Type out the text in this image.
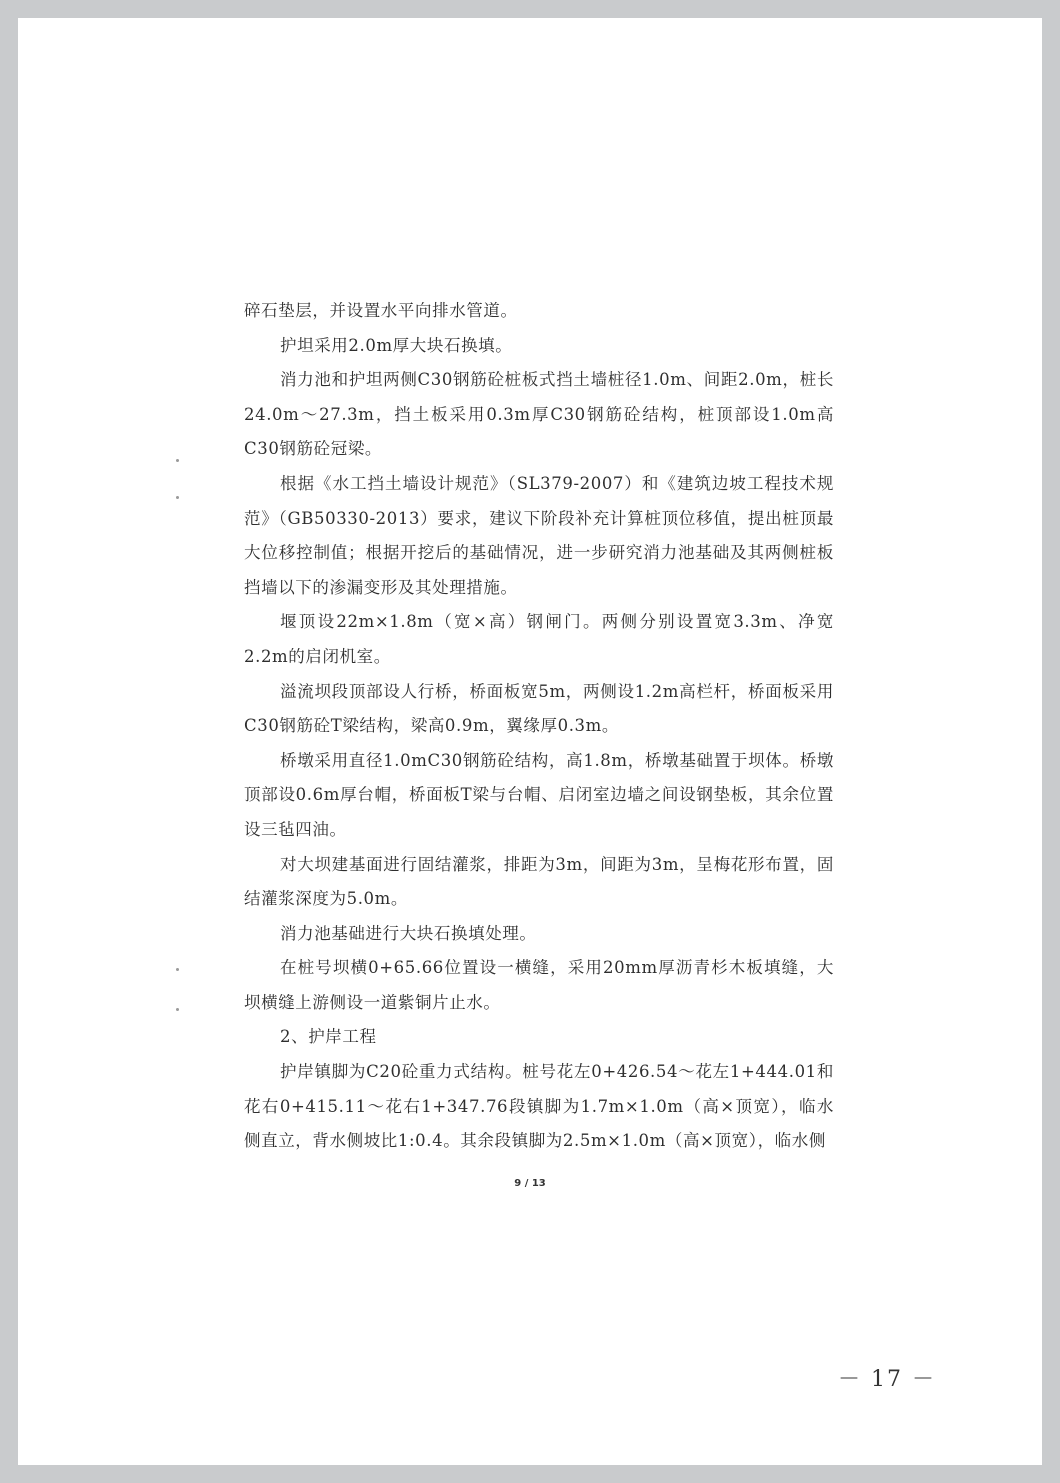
碎石垫层，并设置水平向排水管道。

护坦采用2.0m厚大块石换填。

消力池和护坦两侧C30钢筋砼桩板式挡土墙桩径1.0m、间距2.0m，桩长24.0m～27.3m，挡土板采用0.3m厚C30钢筋砼结构，桩顶部设1.0m高C30钢筋砼冠梁。

根据《水工挡土墙设计规范》（SL379-2007）和《建筑边坡工程技术规范》（GB50330-2013）要求，建议下阶段补充计算桩顶位移值，提出桩顶最大位移控制值；根据开挖后的基础情况，进一步研究消力池基础及其两侧桩板挡墙以下的渗漏变形及其处理措施。

堰顶设22m×1.8m（宽×高）钢闸门。两侧分别设置宽3.3m、净宽2.2m的启闭机室。

溢流坝段顶部设人行桥，桥面板宽5m，两侧设1.2m高栏杆，桥面板采用C30钢筋砼T梁结构，梁高0.9m，翼缘厚0.3m。

桥墩采用直径1.0mC30钢筋砼结构，高1.8m，桥墩基础置于坝体。桥墩顶部设0.6m厚台帽，桥面板T梁与台帽、启闭室边墙之间设钢垫板，其余位置设三毡四油。

对大坝建基面进行固结灌浆，排距为3m，间距为3m，呈梅花形布置，固结灌浆深度为5.0m。

消力池基础进行大块石换填处理。

在桩号坝横0+65.66位置设一横缝，采用20mm厚沥青杉木板填缝，大坝横缝上游侧设一道紫铜片止水。

2、护岸工程

护岸镇脚为C20砼重力式结构。桩号花左0+426.54～花左1+444.01和花右0+415.11～花右1+347.76段镇脚为1.7m×1.0m（高×顶宽），临水侧直立，背水侧坡比1:0.4。其余段镇脚为2.5m×1.0m（高×顶宽），临水侧

9 / 13
－ 17 －
